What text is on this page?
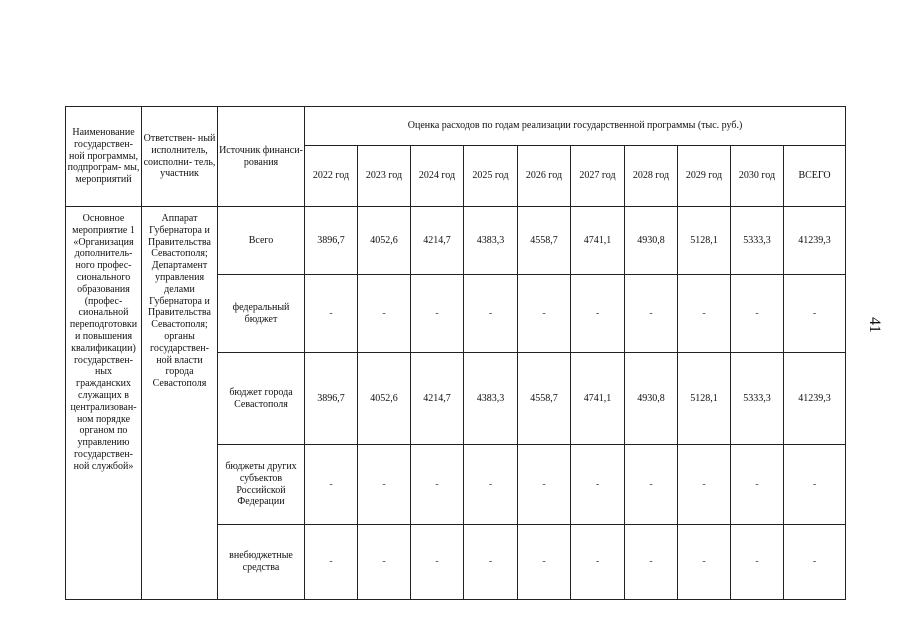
Наименование государствен- ной программы, подпрограм- мы, мероприятий	Ответствен- ный исполнитель, соисполни- тель, участник	Источник финанси- рования	Оценка расходов по годам реализации государственной программы (тыс. руб.)									
			2022 год	2023 год	2024 год	2025 год	2026 год	2027 год	2028 год	2029 год	2030 год	ВСЕГО
Основное мероприятие 1 «Организация дополнитель- ного профес- сионального образования (профес- сиональной переподготовки и повышения квалификации) государствен- ных гражданских служащих в централизован- ном порядке органом по управлению государствен- ной службой»	Аппарат Губернатора и Правительства Севастополя; Департамент управления делами Губернатора и Правительства Севастополя; органы государствен- ной власти города Севастополя	Всего	3896,7	4052,6	4214,7	4383,3	4558,7	4741,1	4930,8	5128,1	5333,3	41239,3
		федеральный бюджет	-	-	-	-	-	-	-	-	-	-
		бюджет города Севастополя	3896,7	4052,6	4214,7	4383,3	4558,7	4741,1	4930,8	5128,1	5333,3	41239,3
		бюджеты других субъектов Российской Федерации	-	-	-	-	-	-	-	-	-	-
		внебюджетные средства	-	-	-	-	-	-	-	-	-	-
41
